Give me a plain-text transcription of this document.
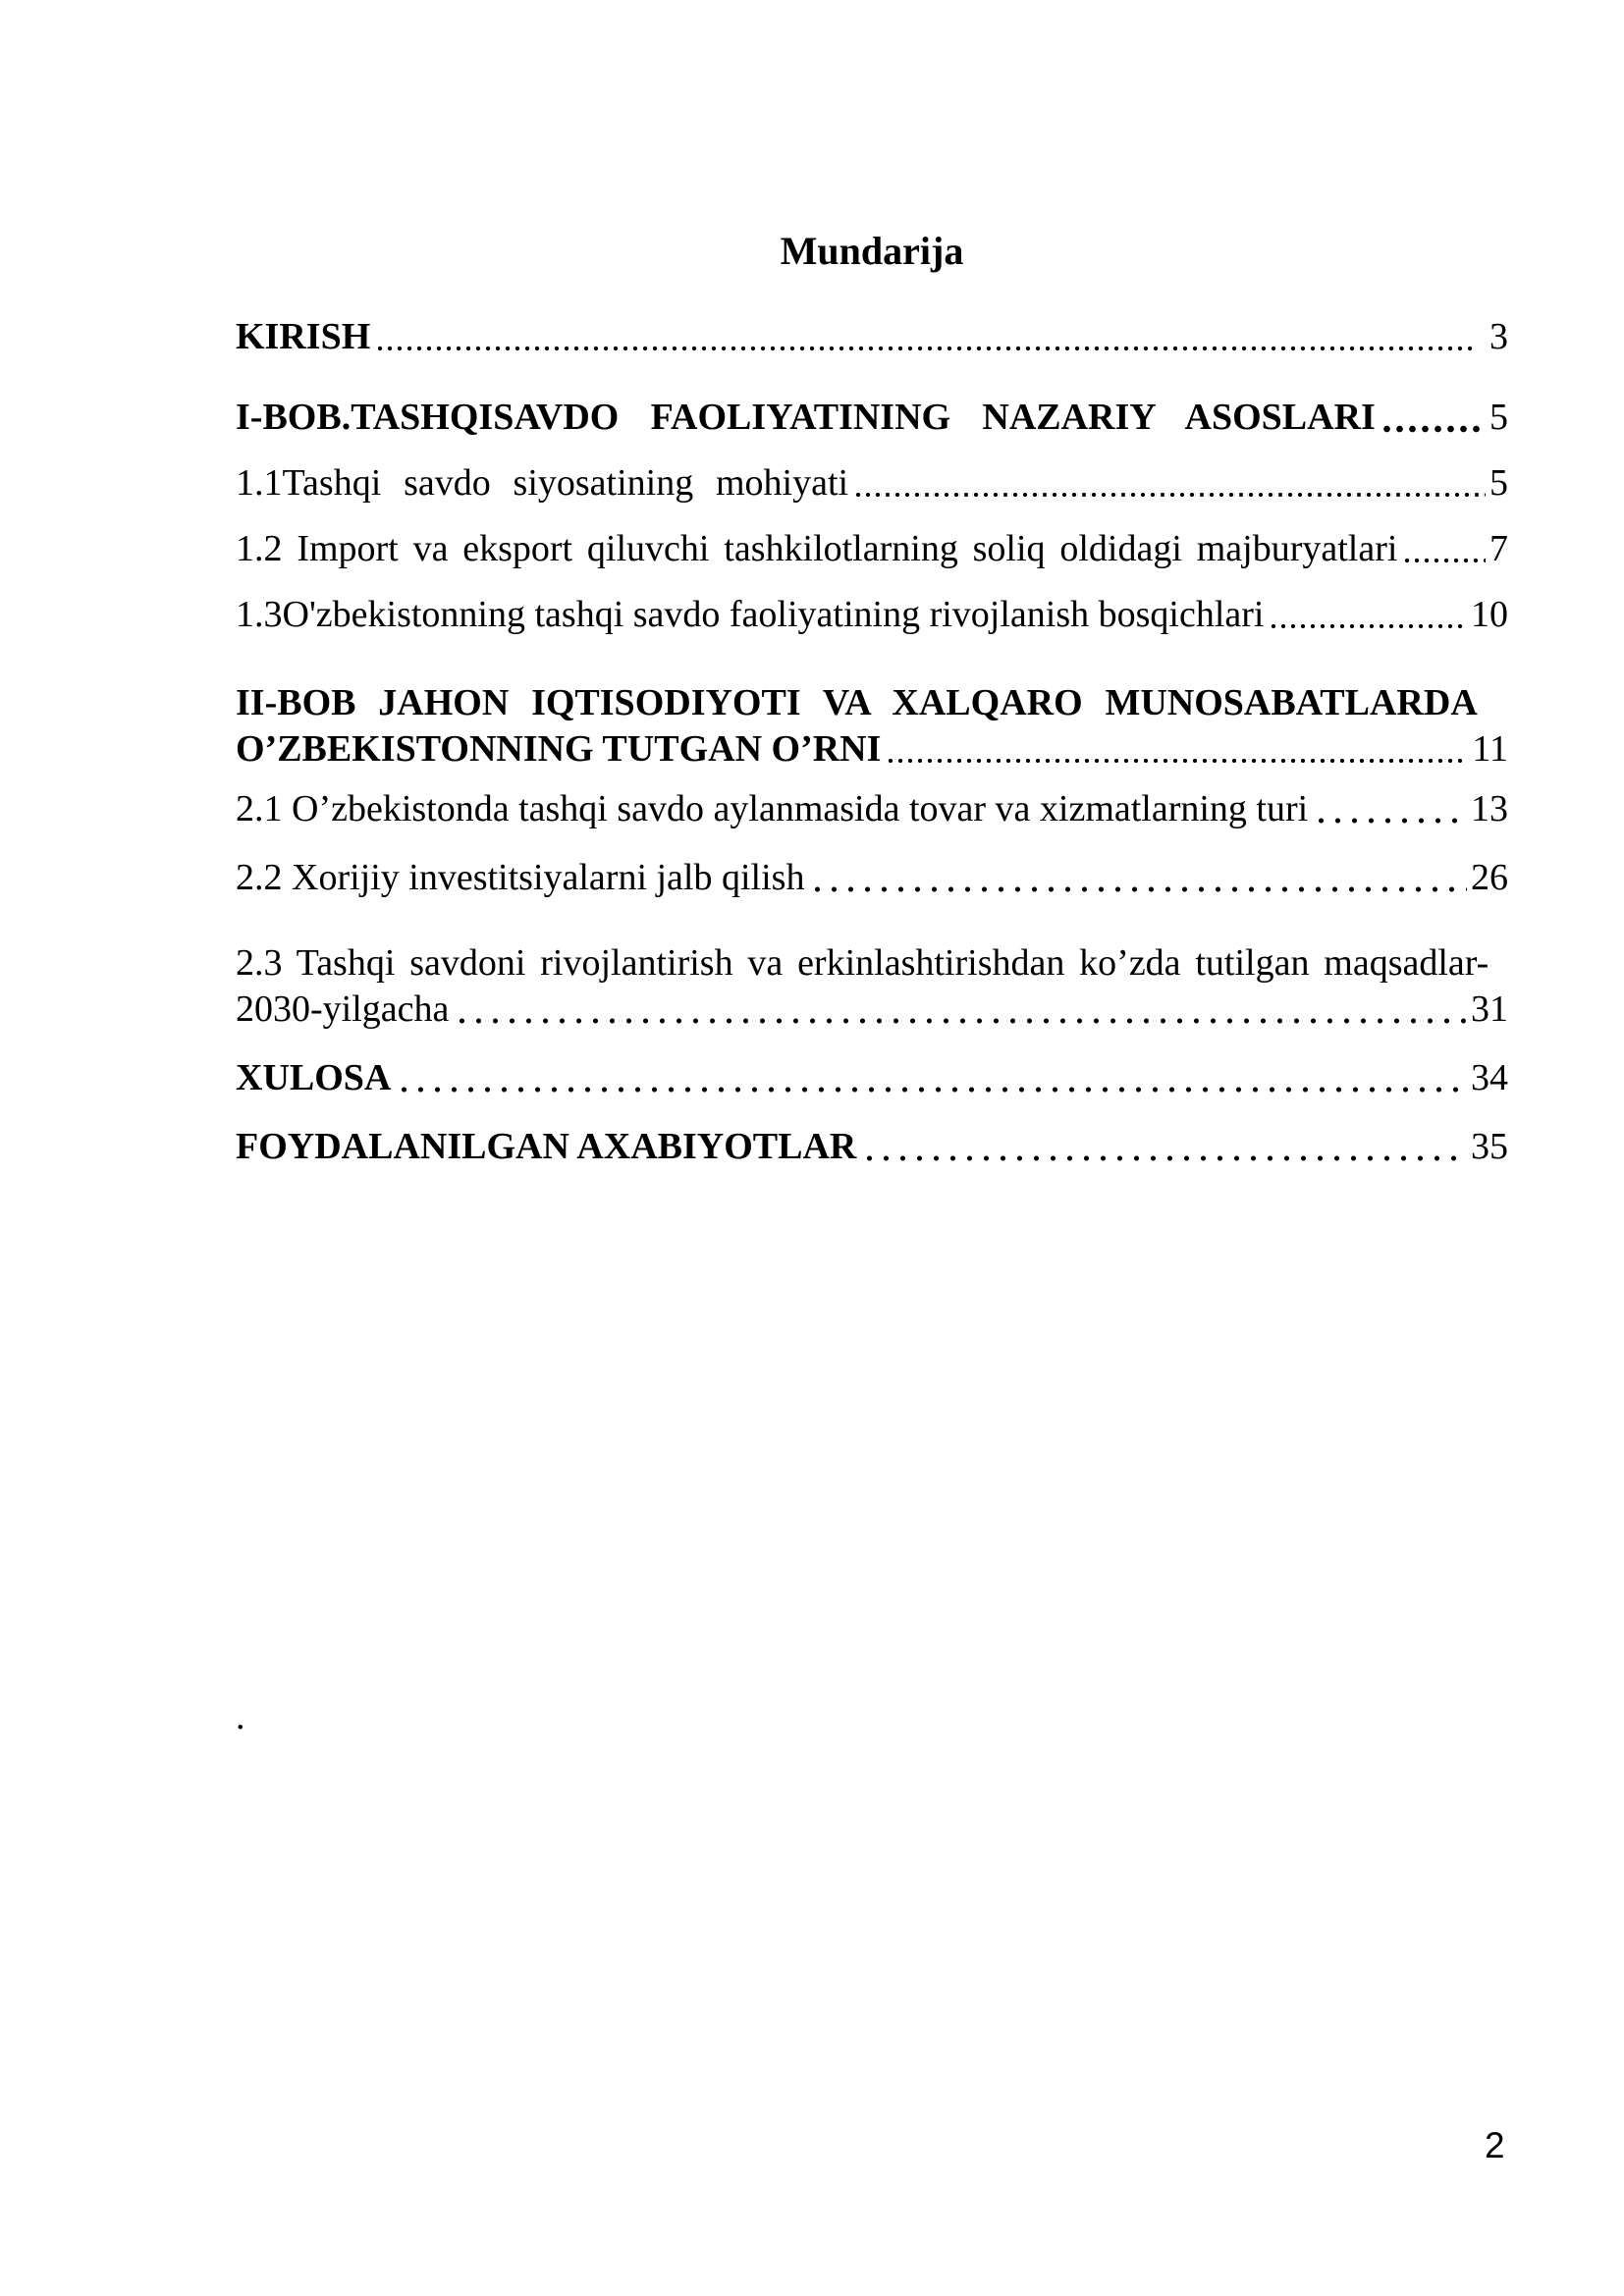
Mundarija
KIRISH	3
I-BOB.TASHQISAVDO FAOLIYATINING NAZARIY ASOSLARI	5
1.1Tashqi savdo siyosatining mohiyati	5
1.2 Import va eksport qiluvchi tashkilotlarning soliq oldidagi majburyatlari 7
1.3O'zbekistonning tashqi savdo faoliyatining rivojlanish bosqichlari	10
II-BOB JAHON IQTISODIYOTI VA XALQARO MUNOSABATLARDA
O’ZBEKISTONNING TUTGAN O’RNI	11
2.1 O’zbekistonda tashqi savdo aylanmasida tovar va xizmatlarning turi	13
2.2 Xorijiy investitsiyalarni jalb qilish	26
2.3 Tashqi savdoni rivojlantirish va erkinlashtirishdan ko’zda tutilgan maqsadlar-
2030-yilgacha	31
XULOSA	34
FOYDALANILGAN AXABIYOTLAR	35
.
2
